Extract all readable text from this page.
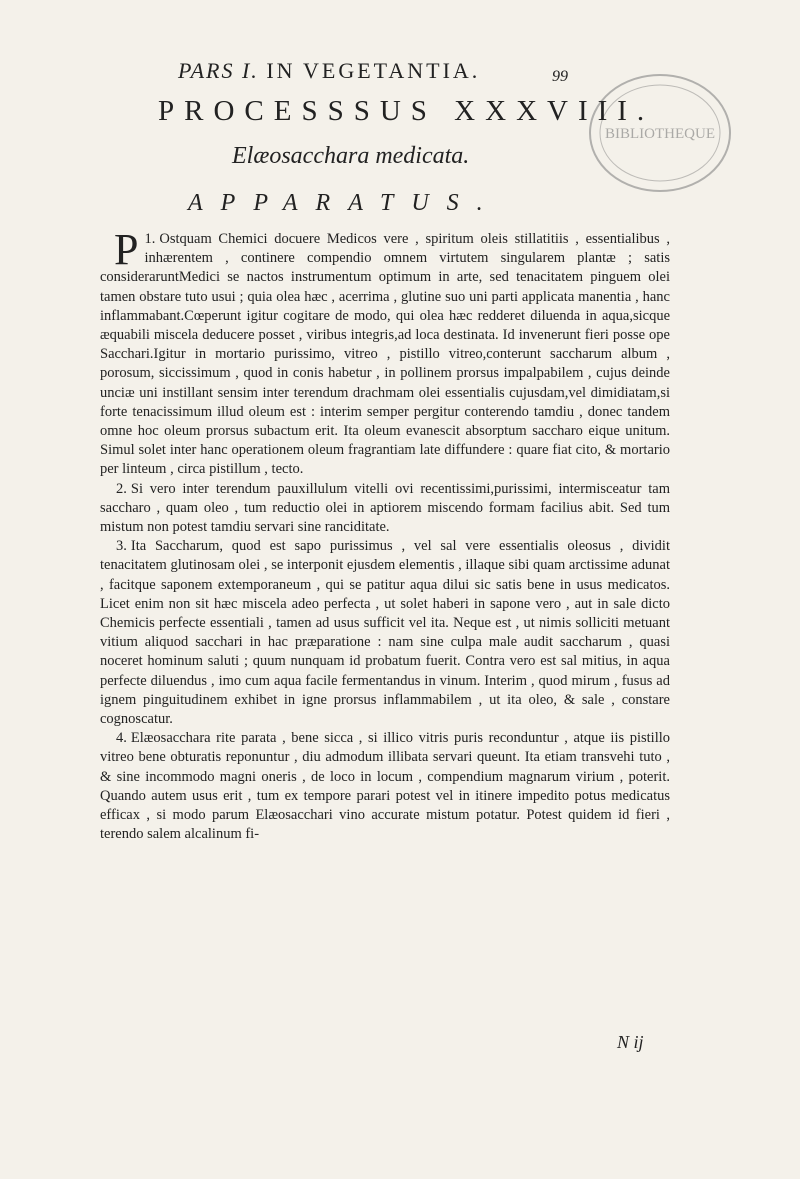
PARS I. IN VEGETANTIA.	99
BIBLIOTHEQUE
PROCESSSUS XXXVIII.
Elæosacchara medicata.
APPARATUS.

1.
P Ostquam Chemici docuere Medicos vere , spiritum oleis stillatitiis , essentialibus , inhærentem , continere compendio omnem virtutem singularem plantæ ; satis consideraruntMedici se nactos instrumentum optimum in arte, sed tenacitatem pinguem olei tamen obstare tuto usui ; quia olea hæc , acerrima , glutine suo uni parti applicata manentia , hanc inflammabant.Cœperunt igitur cogitare de modo, qui olea hæc redderet diluenda in aqua,sicque æquabili miscela deducere posset , viribus integris,ad loca destinata. Id invenerunt fieri posse ope Sacchari.Igitur in mortario purissimo, vitreo , pistillo vitreo,conterunt saccharum album , porosum, siccissimum , quod in conis habetur , in pollinem prorsus impalpabilem , cujus deinde unciæ uni instillant sensim inter terendum drachmam olei essentialis cujusdam,vel dimidiatam,si forte tenacissimum illud oleum est : interim semper pergitur conterendo tamdiu , donec tandem omne hoc oleum prorsus subactum erit. Ita oleum evanescit absorptum saccharo eique unitum. Simul solet inter hanc operationem oleum fragrantiam late diffundere : quare fiat cito, & mortario per linteum , circa pistillum , tecto.

2. Si vero inter terendum pauxillulum vitelli ovi recentissimi,purissimi, intermisceatur tam saccharo , quam oleo , tum reductio olei in aptiorem miscendo formam facilius abit. Sed tum mistum non potest tamdiu servari sine ranciditate.

3. Ita Saccharum, quod est sapo purissimus , vel sal vere essentialis oleosus , dividit tenacitatem glutinosam olei , se interponit ejusdem elementis , illaque sibi quam arctissime adunat , facitque saponem extemporaneum , qui se patitur aqua dilui sic satis bene in usus medicatos. Licet enim non sit hæc miscela adeo perfecta , ut solet haberi in sapone vero , aut in sale dicto Chemicis perfecte essentiali , tamen ad usus sufficit vel ita. Neque est , ut nimis solliciti metuant vitium aliquod sacchari in hac præparatione : nam sine culpa male audit saccharum , quasi noceret hominum saluti ; quum nunquam id probatum fuerit. Contra vero est sal mitius, in aqua perfecte diluendus , imo cum aqua facile fermentandus in vinum. Interim , quod mirum , fusus ad ignem pinguitudinem exhibet in igne prorsus inflammabilem , ut ita oleo, & sale , constare cognoscatur.

4. Elæosacchara rite parata , bene sicca , si illico vitris puris reconduntur , atque iis pistillo vitreo bene obturatis reponuntur , diu admodum illibata servari queunt. Ita etiam transvehi tuto , & sine incommodo magni oneris , de loco in locum , compendium magnarum virium , poterit. Quando autem usus erit , tum ex tempore parari potest vel in itinere impedito potus medicatus efficax , si modo parum Elæosacchari vino accurate mistum potatur. Potest quidem id fieri , terendo salem alcalinum fi-

N ij
